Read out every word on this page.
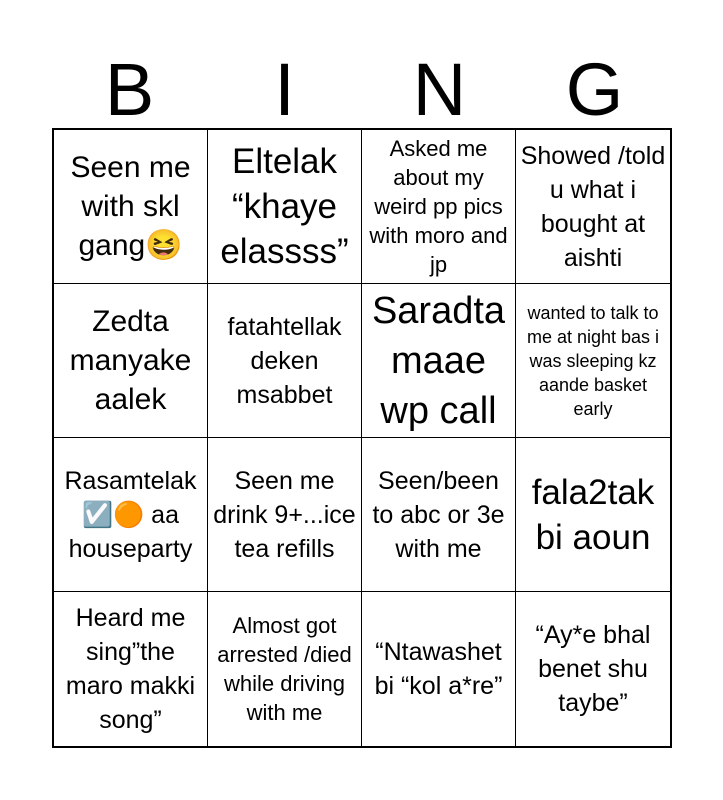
B	I	N	G
Seen me with skl gang😆
Eltelak “khaye elassss”
Asked me about my weird pp pics with moro and jp
Showed /told u what i bought at aishti
Zedta manyake aalek
fatahtellak deken msabbet
Saradta maae wp call
wanted to talk to me at night bas i was sleeping kz aande basket early
Rasamtelak ☑️🟠 aa houseparty
Seen me drink 9+...ice tea refills
Seen/been to abc or 3e with me
fala2tak bi aoun
Heard me sing”the maro makki song”
Almost got arrested /died while driving with me
“Ntawashet bi “kol a*re”
“Ay*e bhal benet shu taybe”
